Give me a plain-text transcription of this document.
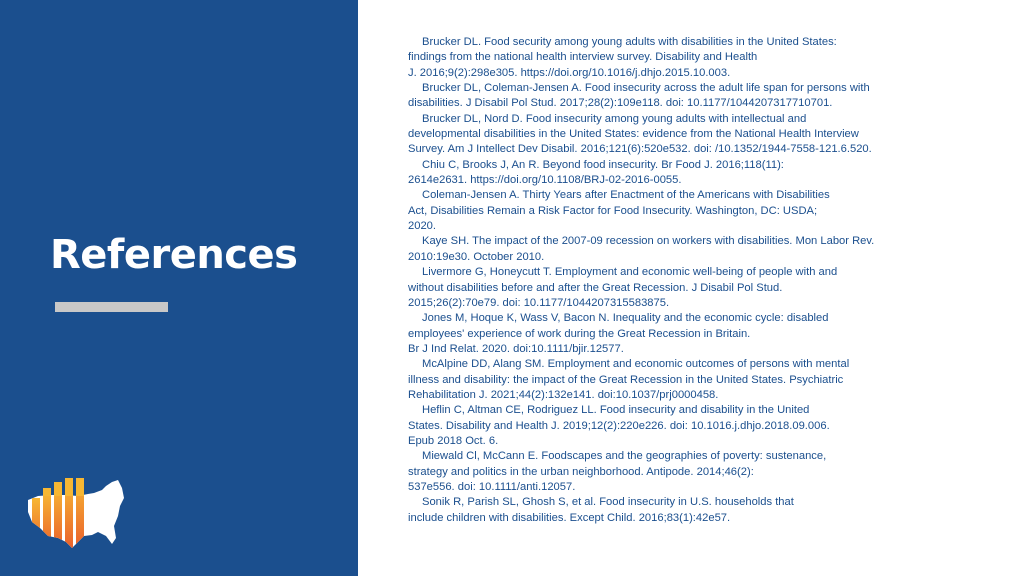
References

Brucker DL. Food security among young adults with disabilities in the United States:
findings from the national health interview survey. Disability and Health
J. 2016;9(2):298e305. https://doi.org/10.1016/j.dhjo.2015.10.003.

Brucker DL, Coleman-Jensen A. Food insecurity across the adult life span for persons with
disabilities. J Disabil Pol Stud. 2017;28(2):109e118. doi: 10.1177/1044207317710701.

Brucker DL, Nord D. Food insecurity among young adults with intellectual and
developmental disabilities in the United States: evidence from the National Health Interview
Survey. Am J Intellect Dev Disabil. 2016;121(6):520e532. doi: /10.1352/1944-7558-121.6.520.

Chiu C, Brooks J, An R. Beyond food insecurity. Br Food J. 2016;118(11):
2614e2631. https://doi.org/10.1108/BRJ-02-2016-0055.

Coleman-Jensen A. Thirty Years after Enactment of the Americans with Disabilities
Act, Disabilities Remain a Risk Factor for Food Insecurity. Washington, DC: USDA;
2020.

Kaye SH. The impact of the 2007-09 recession on workers with disabilities. Mon Labor Rev.
2010:19e30. October 2010.

Livermore G, Honeycutt T. Employment and economic well-being of people with and
without disabilities before and after the Great Recession. J Disabil Pol Stud.
2015;26(2):70e79. doi: 10.1177/1044207315583875.

Jones M, Hoque K, Wass V, Bacon N. Inequality and the economic cycle: disabled
employees' experience of work during the Great Recession in Britain.
Br J Ind Relat. 2020. doi:10.1111/bjir.12577.

McAlpine DD, Alang SM. Employment and economic outcomes of persons with mental
illness and disability: the impact of the Great Recession in the United States. Psychiatric
Rehabilitation J. 2021;44(2):132e141. doi:10.1037/prj0000458.

Heflin C, Altman CE, Rodriguez LL. Food insecurity and disability in the United
States. Disability and Health J. 2019;12(2):220e226. doi: 10.1016.j.dhjo.2018.09.006.
Epub 2018 Oct. 6.

Miewald Cl, McCann E. Foodscapes and the geographies of poverty: sustenance,
strategy and politics in the urban neighborhood. Antipode. 2014;46(2):
537e556. doi: 10.1111/anti.12057.

Sonik R, Parish SL, Ghosh S, et al. Food insecurity in U.S. households that
include children with disabilities. Except Child. 2016;83(1):42e57.
